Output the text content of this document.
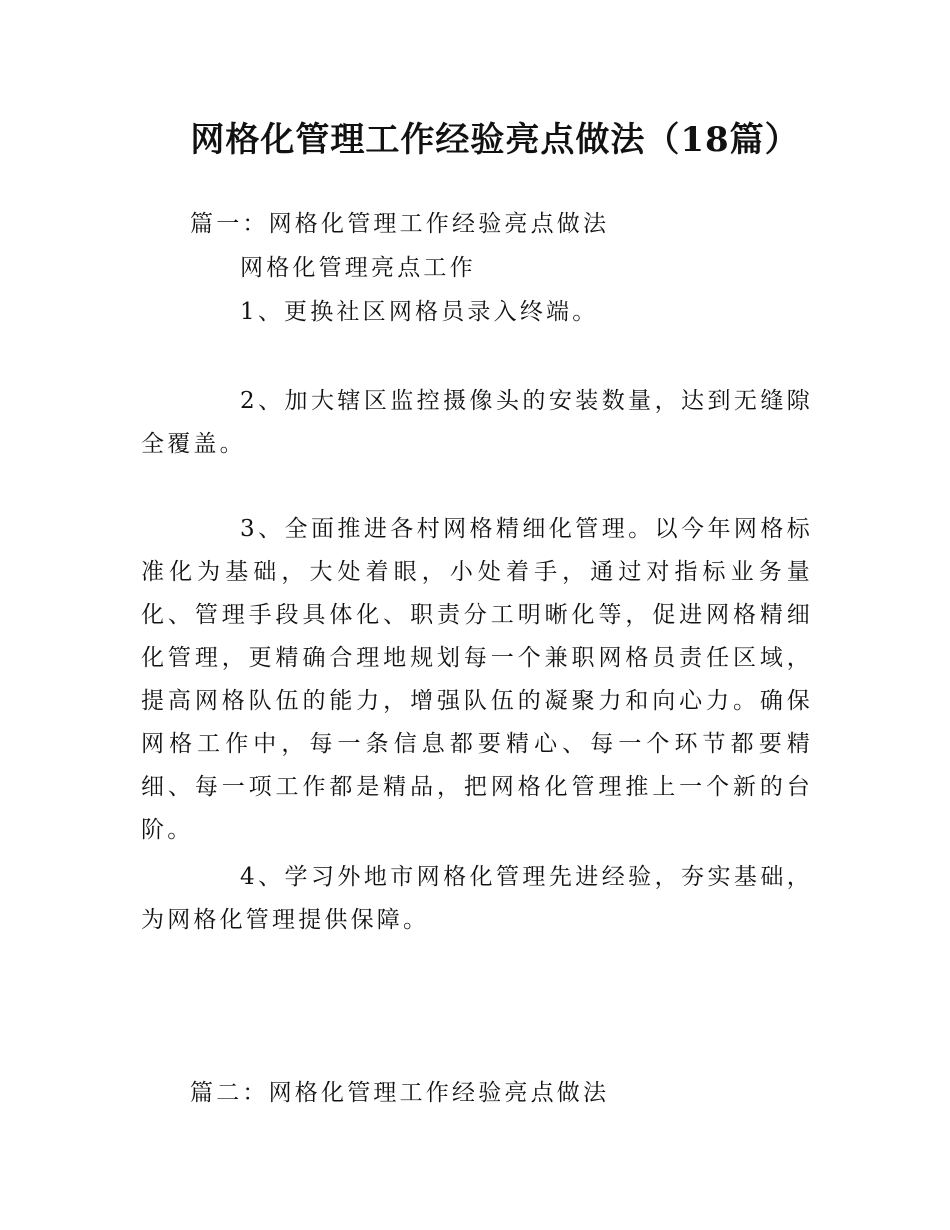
网格化管理工作经验亮点做法（18篇）
篇一：网格化管理工作经验亮点做法
网格化管理亮点工作
1、更换社区网格员录入终端。

2、加大辖区监控摄像头的安装数量，达到无缝隙全覆盖。

3、全面推进各村网格精细化管理。以今年网格标准化为基础，大处着眼，小处着手，通过对指标业务量化、管理手段具体化、职责分工明晰化等，促进网格精细化管理，更精确合理地规划每一个兼职网格员责任区域，提高网格队伍的能力，增强队伍的凝聚力和向心力。确保网格工作中，每一条信息都要精心、每一个环节都要精细、每一项工作都是精品，把网格化管理推上一个新的台阶。

4、学习外地市网格化管理先进经验，夯实基础，为网格化管理提供保障。

篇二：网格化管理工作经验亮点做法
